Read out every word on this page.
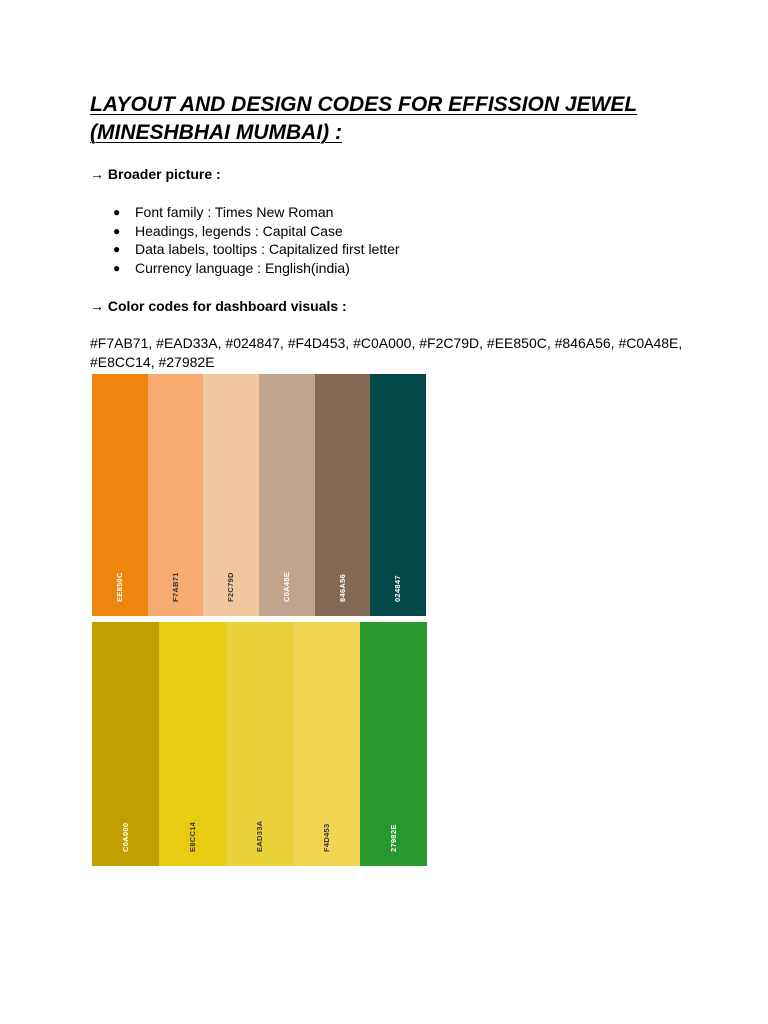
LAYOUT AND DESIGN CODES FOR EFFISSION JEWEL
(MINESHBHAI MUMBAI) :

→ Broader picture :

● Font family : Times New Roman
● Headings, legends : Capital Case
● Data labels, tooltips : Capitalized first letter
● Currency language : English(india)

→ Color codes for dashboard visuals :

#F7AB71, #EAD33A, #024847, #F4D453, #C0A000, #F2C79D, #EE850C, #846A56, #C0A48E,
#E8CC14, #27982E

EE850C	F7AB71	F2C79D	C0A48E	846A56	024847
C0A000	E8CC14	EAD33A	F4D453	27982E
